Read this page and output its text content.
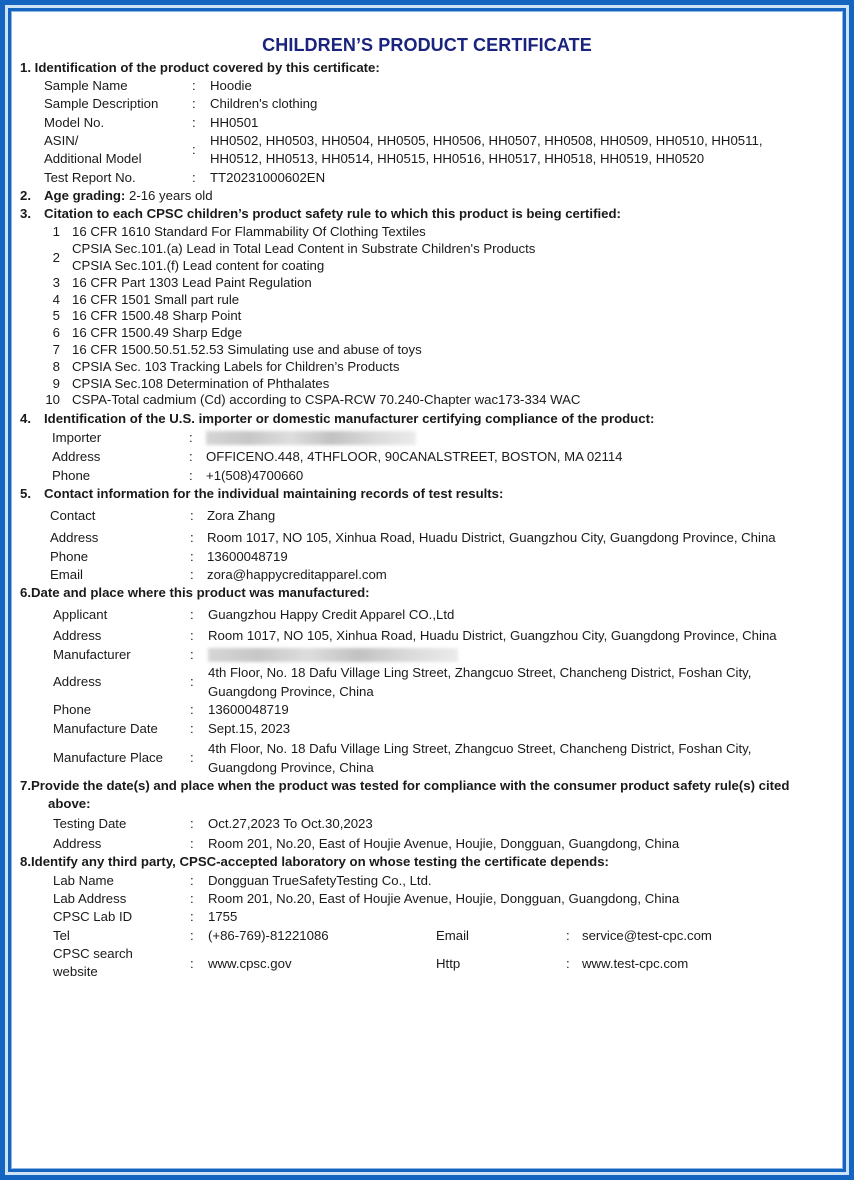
CHILDREN’S PRODUCT CERTIFICATE
1. Identification of the product covered by this certificate:
Sample Name	: Hoodie
Sample Description	: Children's clothing
Model No.	: HH0501
ASIN/
Additional Model
:
HH0502, HH0503, HH0504, HH0505, HH0506, HH0507, HH0508, HH0509, HH0510, HH0511,
HH0512, HH0513, HH0514, HH0515, HH0516, HH0517, HH0518, HH0519, HH0520
Test Report No.	: TT20231000602EN
2. Age grading: 2-16 years old
3. Citation to each CPSC children’s product safety rule to which this product is being certified:
1 16 CFR 1610 Standard For Flammability Of Clothing Textiles
2
CPSIA Sec.101.(a) Lead in Total Lead Content in Substrate Children's Products
CPSIA Sec.101.(f) Lead content for coating
3 16 CFR Part 1303 Lead Paint Regulation
4 16 CFR 1501 Small part rule
5 16 CFR 1500.48 Sharp Point
6 16 CFR 1500.49 Sharp Edge
7 16 CFR 1500.50.51.52.53 Simulating use and abuse of toys
8 CPSIA Sec. 103 Tracking Labels for Children’s Products
9 CPSIA Sec.108 Determination of Phthalates
10 CSPA-Total cadmium (Cd) according to CSPA-RCW 70.240-Chapter wac173-334 WAC
4. Identification of the U.S. importer or domestic manufacturer certifying compliance of the product:
Importer	:
Address	: OFFICENO.448, 4THFLOOR, 90CANALSTREET, BOSTON, MA 02114
Phone	: +1(508)4700660
5. Contact information for the individual maintaining records of test results:
Contact	: Zora Zhang
Address	: Room 1017, NO 105, Xinhua Road, Huadu District, Guangzhou City, Guangdong Province, China
Phone	: 13600048719
Email	: zora@happycreditapparel.com
6.Date and place where this product was manufactured:
Applicant	: Guangzhou Happy Credit Apparel CO.,Ltd
Address	: Room 1017, NO 105, Xinhua Road, Huadu District, Guangzhou City, Guangdong Province, China
Manufacturer	:
Address	:
4th Floor, No. 18 Dafu Village Ling Street, Zhangcuo Street, Chancheng District, Foshan City,
Guangdong Province, China
Phone	: 13600048719
Manufacture Date : Sept.15, 2023
Manufacture Place :
4th Floor, No. 18 Dafu Village Ling Street, Zhangcuo Street, Chancheng District, Foshan City,
Guangdong Province, China
7.Provide the date(s) and place when the product was tested for compliance with the consumer product safety rule(s) cited
above:
Testing Date	: Oct.27,2023 To Oct.30,2023
Address	: Room 201, No.20, East of Houjie Avenue, Houjie, Dongguan, Guangdong, China
8.Identify any third party, CPSC-accepted laboratory on whose testing the certificate depends:
Lab Name	: Dongguan TrueSafetyTesting Co., Ltd.
Lab Address	: Room 201, No.20, East of Houjie Avenue, Houjie, Dongguan, Guangdong, China
CPSC Lab ID	: 1755
Tel	: (+86-769)-81221086	Email	: service@test-cpc.com
CPSC search
website
: www.cpsc.gov	Http	: www.test-cpc.com
